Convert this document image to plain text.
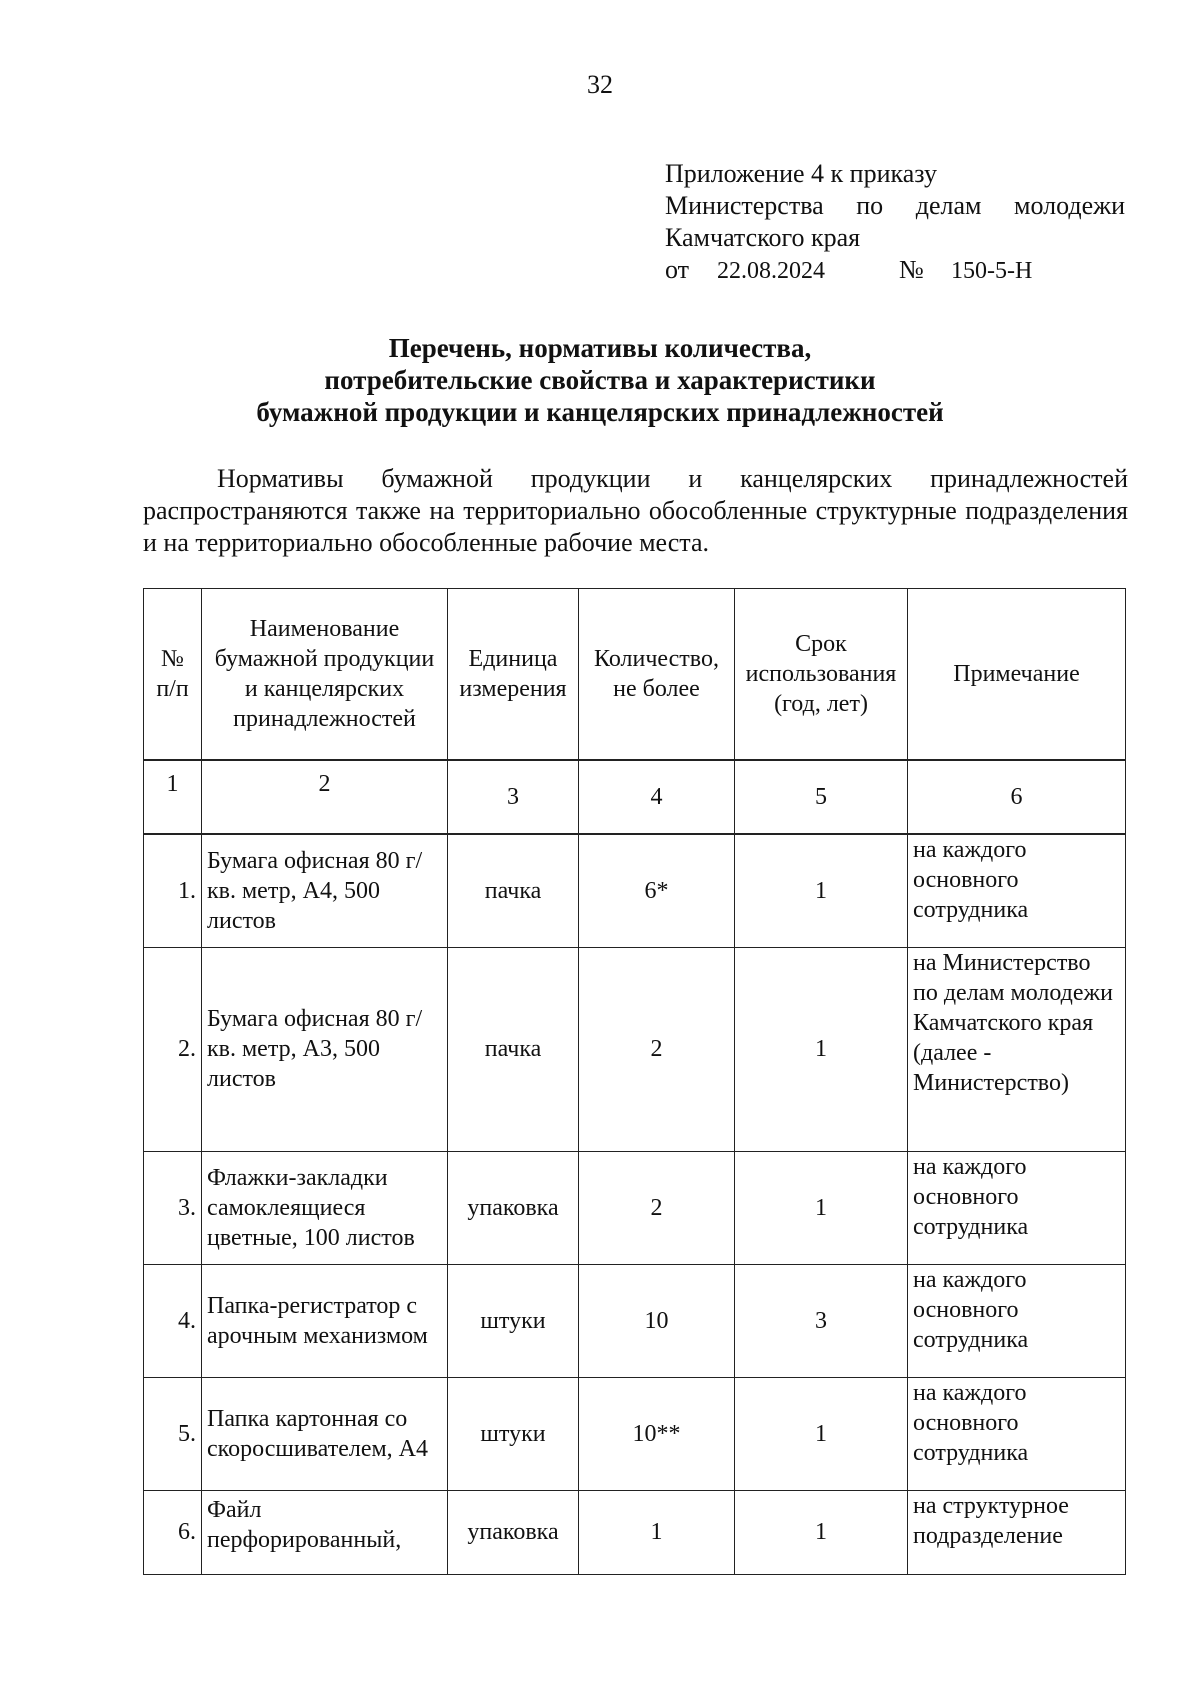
32
Приложение 4 к приказу
Министерства по делам молодежи
Камчатского края
от	22.08.2024	№	150-5-Н
Перечень, нормативы количества,
потребительские свойства и характеристики
бумажной продукции и канцелярских принадлежностей

Нормативы бумажной продукции и канцелярских принадлежностей распространяются также на территориально обособленные структурные подразделения и на территориально обособленные рабочие места.

№ п/п	Наименование бумажной продукции и канцелярских принадлежностей	Единица измерения	Количество, не более	Срок использования (год, лет)	Примечание
1	2	3	4	5	6
1.	Бумага офисная 80 г/кв. метр, А4, 500 листов	пачка	6*	1	на каждого основного сотрудника
2.	Бумага офисная 80 г/кв. метр, А3, 500 листов	пачка	2	1	на Министерство по делам молодежи Камчатского края (далее - Министерство)
3.	Флажки-закладки самоклеящиеся цветные, 100 листов	упаковка	2	1	на каждого основного сотрудника
4.	Папка-регистратор с арочным механизмом	штуки	10	3	на каждого основного сотрудника
5.	Папка картонная со скоросшивателем, А4	штуки	10**	1	на каждого основного сотрудника
6.	Файл перфорированный,	упаковка	1	1	на структурное подразделение
